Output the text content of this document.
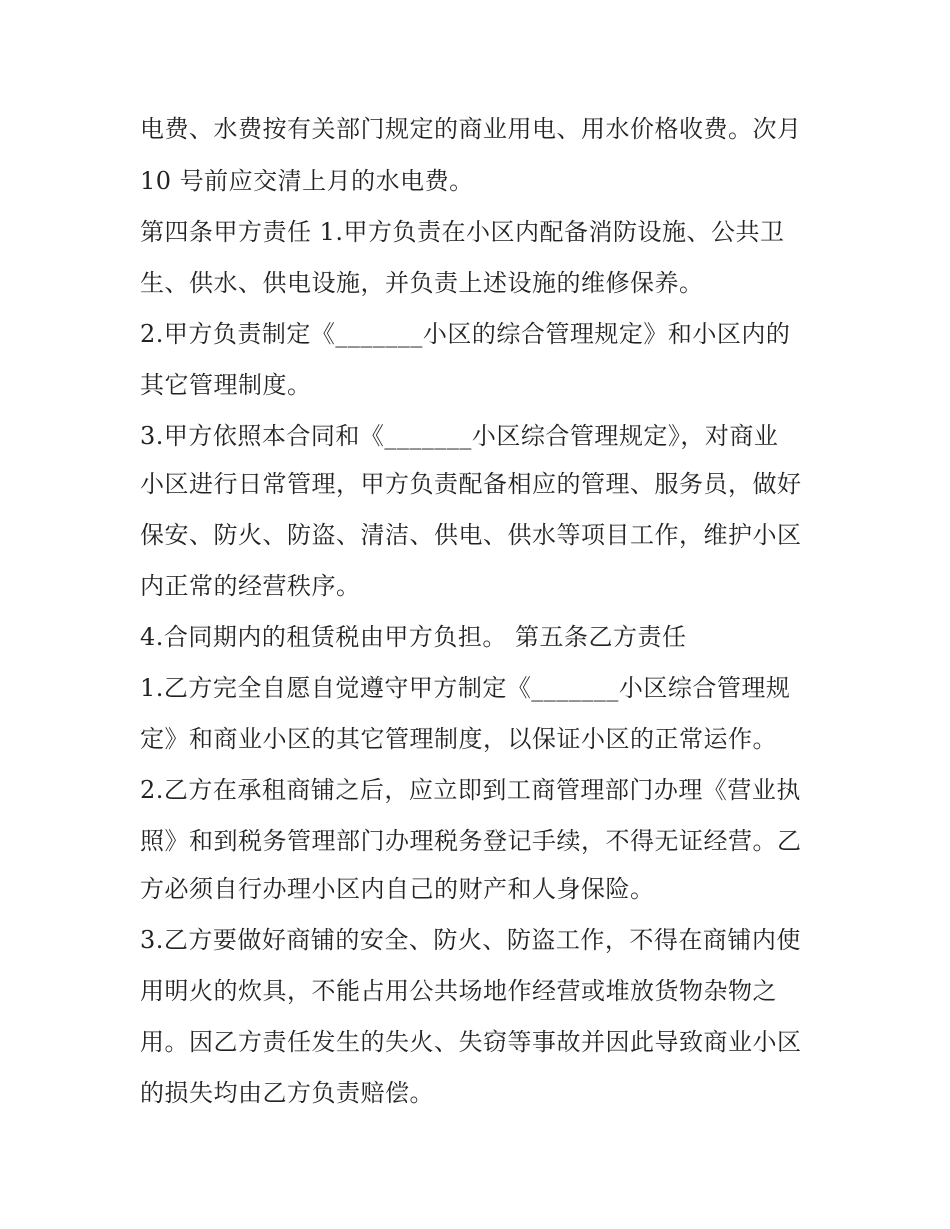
电费、水费按有关部门规定的商业用电、用水价格收费。次月
10 号前应交清上月的水电费。
第四条甲方责任 1.甲方负责在小区内配备消防设施、公共卫
生、供水、供电设施，并负责上述设施的维修保养。
2.甲方负责制定《_______小区的综合管理规定》和小区内的
其它管理制度。
3.甲方依照本合同和《_______小区综合管理规定》，对商业
小区进行日常管理，甲方负责配备相应的管理、服务员，做好
保安、防火、防盗、清洁、供电、供水等项目工作，维护小区
内正常的经营秩序。
4.合同期内的租赁税由甲方负担。 第五条乙方责任
1.乙方完全自愿自觉遵守甲方制定《_______小区综合管理规
定》和商业小区的其它管理制度，以保证小区的正常运作。
2.乙方在承租商铺之后，应立即到工商管理部门办理《营业执
照》和到税务管理部门办理税务登记手续，不得无证经营。乙
方必须自行办理小区内自己的财产和人身保险。
3.乙方要做好商铺的安全、防火、防盗工作，不得在商铺内使
用明火的炊具，不能占用公共场地作经营或堆放货物杂物之
用。因乙方责任发生的失火、失窃等事故并因此导致商业小区
的损失均由乙方负责赔偿。
